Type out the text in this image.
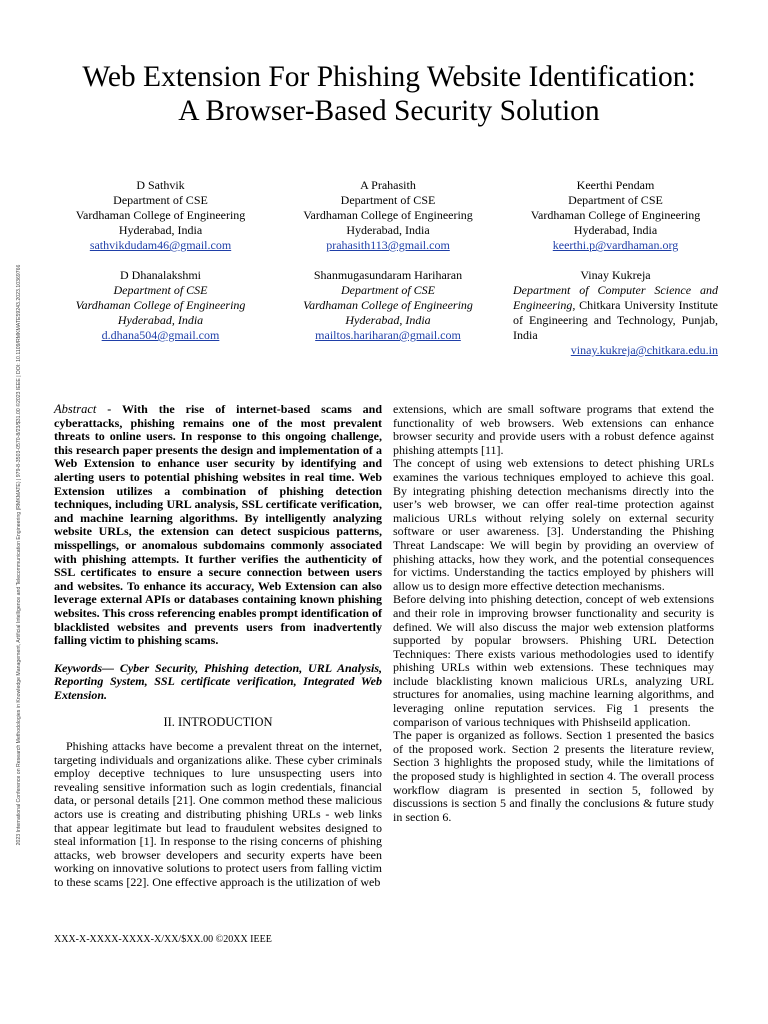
2023 International Conference on Research Methodologies in Knowledge Management, Artificial Intelligence and Telecommunication Engineering (RMKMATE) | 979-8-3503-0570-8/23/$31.00 ©2023 IEEE | DOI: 10.1109/RMKMATE59243.2023.10369766
Web Extension For Phishing Website Identification:
A Browser-Based Security Solution
D Sathvik
Department of CSE
Vardhaman College of Engineering
Hyderabad, India
sathvikdudam46@gmail.com
A Prahasith
Department of CSE
Vardhaman College of Engineering
Hyderabad, India
prahasith113@gmail.com
Keerthi Pendam
Department of CSE
Vardhaman College of Engineering
Hyderabad, India
keerthi.p@vardhaman.org
D Dhanalakshmi
Department of CSE
Vardhaman College of Engineering
Hyderabad, India
d.dhana504@gmail.com
Shanmugasundaram Hariharan
Department of CSE
Vardhaman College of Engineering
Hyderabad, India
mailtos.hariharan@gmail.com
Vinay Kukreja
Department of Computer Science and Engineering, Chitkara University Institute of Engineering and Technology, Punjab, India
vinay.kukreja@chitkara.edu.in

Abstract - With the rise of internet-based scams and cyberattacks, phishing remains one of the most prevalent threats to online users. In response to this ongoing challenge, this research paper presents the design and implementation of a Web Extension to enhance user security by identifying and alerting users to potential phishing websites in real time. Web Extension utilizes a combination of phishing detection techniques, including URL analysis, SSL certificate verification, and machine learning algorithms. By intelligently analyzing website URLs, the extension can detect suspicious patterns, misspellings, or anomalous subdomains commonly associated with phishing attempts. It further verifies the authenticity of SSL certificates to ensure a secure connection between users and websites. To enhance its accuracy, Web Extension can also leverage external APIs or databases containing known phishing websites. This cross referencing enables prompt identification of blacklisted websites and prevents users from inadvertently falling victim to phishing scams.

Keywords— Cyber Security, Phishing detection, URL Analysis, Reporting System, SSL certificate verification, Integrated Web Extension.

II. INTRODUCTION

Phishing attacks have become a prevalent threat on the internet, targeting individuals and organizations alike. These cyber criminals employ deceptive techniques to lure unsuspecting users into revealing sensitive information such as login credentials, financial data, or personal details [21]. One common method these malicious actors use is creating and distributing phishing URLs - web links that appear legitimate but lead to fraudulent websites designed to steal information [1]. In response to the rising concerns of phishing attacks, web browser developers and security experts have been working on innovative solutions to protect users from falling victim to these scams [22]. One effective approach is the utilization of web

extensions, which are small software programs that extend the functionality of web browsers. Web extensions can enhance browser security and provide users with a robust defence against phishing attempts [11].

The concept of using web extensions to detect phishing URLs examines the various techniques employed to achieve this goal. By integrating phishing detection mechanisms directly into the user’s web browser, we can offer real-time protection against malicious URLs without relying solely on external security software or user awareness. [3]. Understanding the Phishing Threat Landscape: We will begin by providing an overview of phishing attacks, how they work, and the potential consequences for victims. Understanding the tactics employed by phishers will allow us to design more effective detection mechanisms.

Before delving into phishing detection, concept of web extensions and their role in improving browser functionality and security is defined. We will also discuss the major web extension platforms supported by popular browsers. Phishing URL Detection Techniques: There exists various methodologies used to identify phishing URLs within web extensions. These techniques may include blacklisting known malicious URLs, analyzing URL structures for anomalies, using machine learning algorithms, and leveraging online reputation services. Fig 1 presents the comparison of various techniques with Phishseild application.

The paper is organized as follows. Section 1 presented the basics of the proposed work. Section 2 presents the literature review, Section 3 highlights the proposed study, while the limitations of the proposed study is highlighted in section 4. The overall process workflow diagram is presented in section 5, followed by discussions is section 5 and finally the conclusions & future study in section 6.

XXX-X-XXXX-XXXX-X/XX/$XX.00 ©20XX IEEE
